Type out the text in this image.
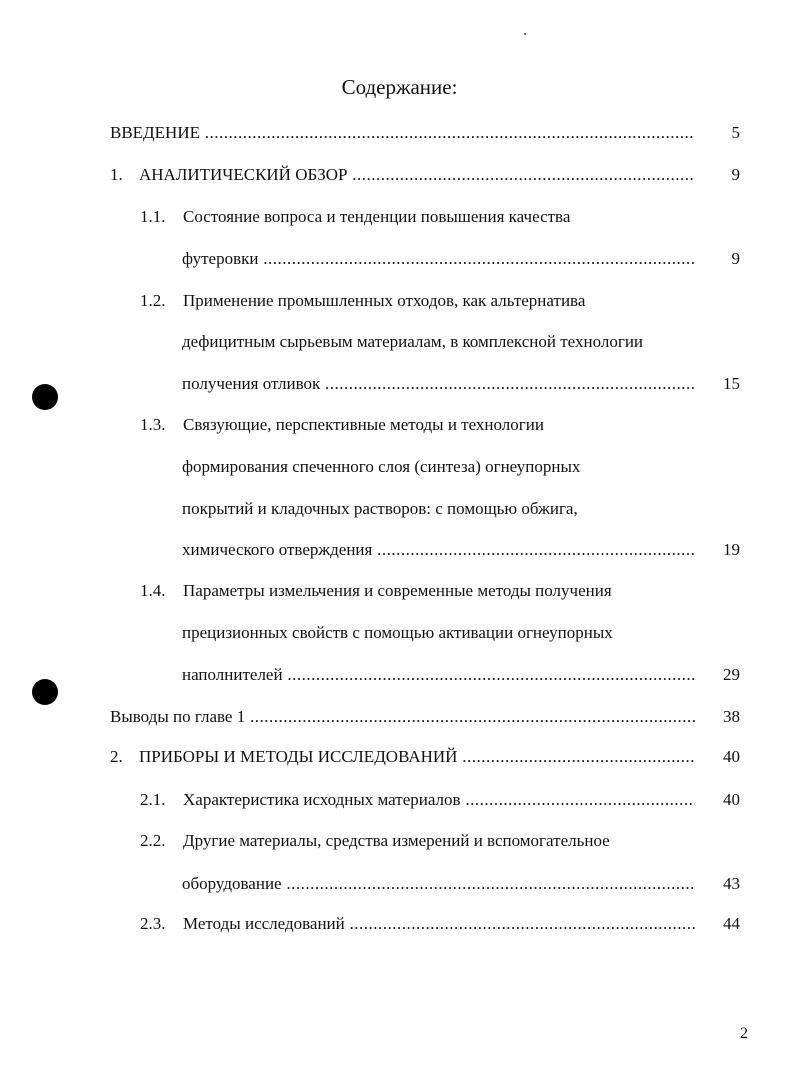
Содержание:
ВВЕДЕНИЕ .....	5
1. АНАЛИТИЧЕСКИЙ ОБЗОР .....	9
1.1. Состояние вопроса и тенденции повышения качества
футеровки .....	9
1.2. Применение промышленных отходов, как альтернатива
дефицитным сырьевым материалам, в комплексной технологии
получения отливок .....	15
1.3. Связующие, перспективные методы и технологии
формирования спеченного слоя (синтеза) огнеупорных
покрытий и кладочных растворов: с помощью обжига,
химического отверждения .....	19
1.4. Параметры измельчения и современные методы получения
прецизионных свойств с помощью активации огнеупорных
наполнителей .....	29
Выводы по главе 1 .....	38
2. ПРИБОРЫ И МЕТОДЫ ИССЛЕДОВАНИЙ .....	40
2.1. Характеристика исходных материалов .....	40
2.2. Другие материалы, средства измерений и вспомогательное
оборудование .....	43
2.3. Методы исследований .....	44
2
